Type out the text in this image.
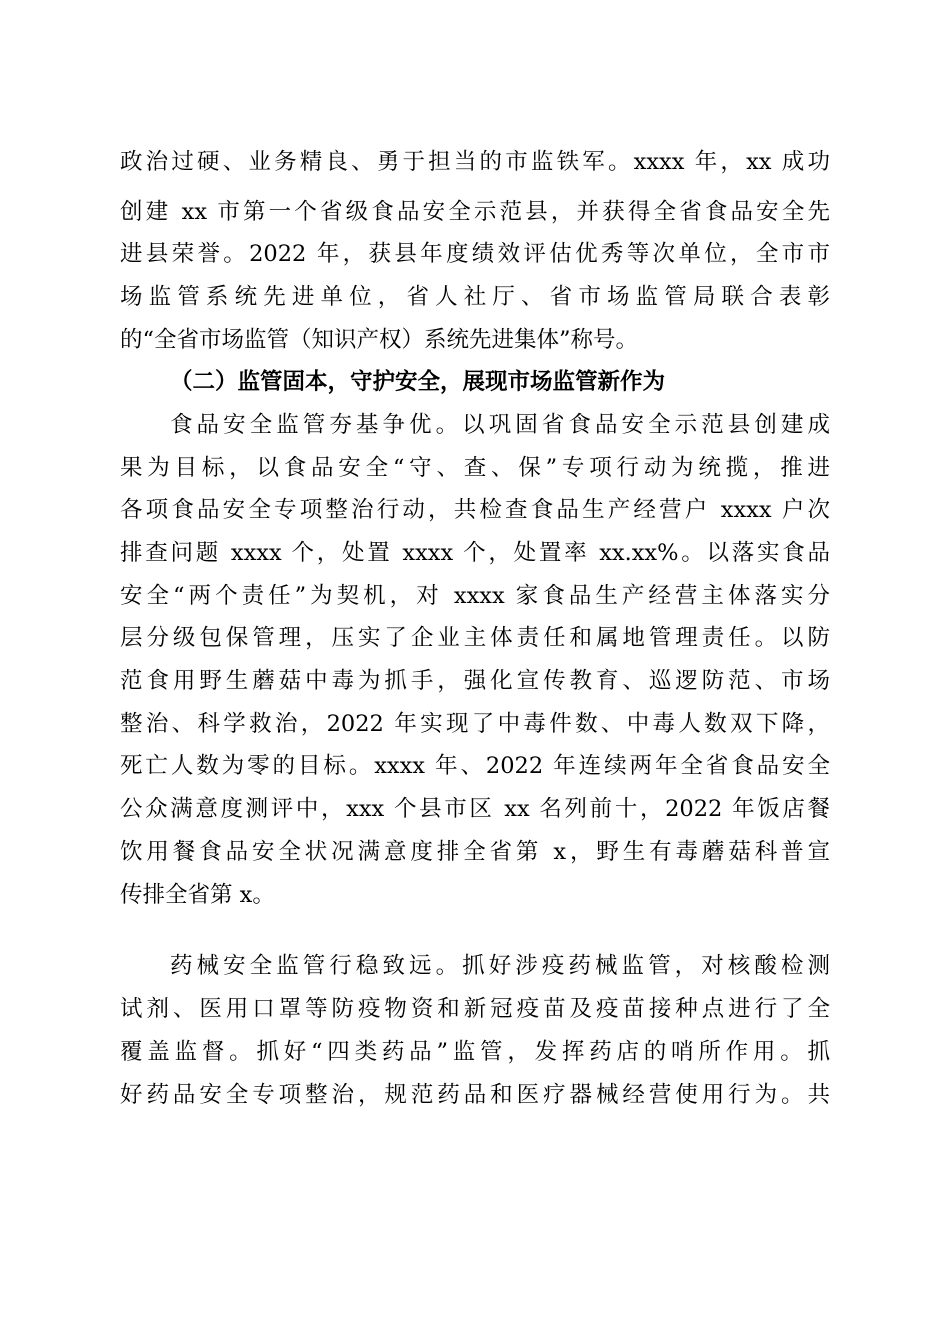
政治过硬、业务精良、勇于担当的市监铁军。xxxx 年，xx 成功
创建 xx 市第一个省级食品安全示范县，并获得全省食品安全先
进县荣誉。2022 年，获县年度绩效评估优秀等次单位，全市市
场监管系统先进单位，省人社厅、省市场监管局联合表彰
的“全省市场监管（知识产权）系统先进集体”称号。
（二）监管固本，守护安全，展现市场监管新作为
食品安全监管夯基争优。以巩固省食品安全示范县创建成
果为目标，以食品安全“守、查、保”专项行动为统揽，推进
各项食品安全专项整治行动，共检查食品生产经营户 xxxx 户次
排查问题 xxxx 个，处置 xxxx 个，处置率 xx.xx%。以落实食品
安全“两个责任”为契机，对 xxxx 家食品生产经营主体落实分
层分级包保管理，压实了企业主体责任和属地管理责任。以防
范食用野生蘑菇中毒为抓手，强化宣传教育、巡逻防范、市场
整治、科学救治，2022 年实现了中毒件数、中毒人数双下降，
死亡人数为零的目标。xxxx 年、2022 年连续两年全省食品安全
公众满意度测评中，xxx 个县市区 xx 名列前十，2022 年饭店餐
饮用餐食品安全状况满意度排全省第 x，野生有毒蘑菇科普宣
传排全省第 x。
药械安全监管行稳致远。抓好涉疫药械监管，对核酸检测
试剂、医用口罩等防疫物资和新冠疫苗及疫苗接种点进行了全
覆盖监督。抓好“四类药品”监管，发挥药店的哨所作用。抓
好药品安全专项整治，规范药品和医疗器械经营使用行为。共
